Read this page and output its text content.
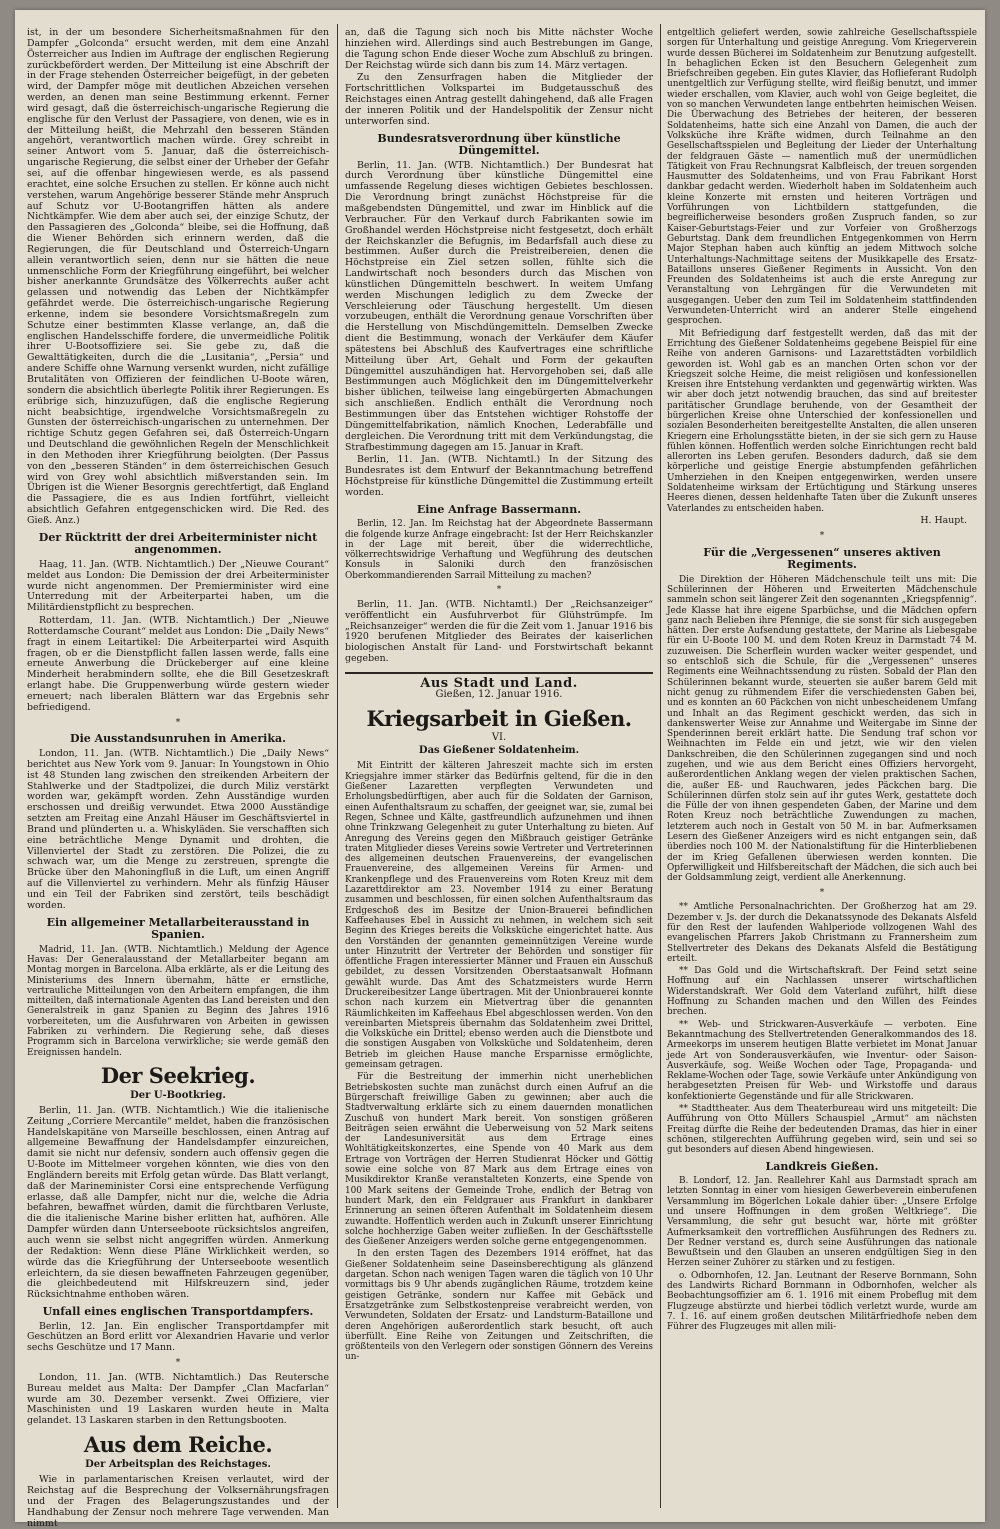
ist, in der um besondere Sicherheitsmaßnahmen für den Dampfer „Golconda“ ersucht werden, mit dem eine Anzahl Österreicher aus Indien im Auftrage der englischen Regierung zurückbefördert werden. Der Mitteilung ist eine Abschrift der in der Frage stehenden Österreicher beigefügt, in der gebeten wird, der Dampfer möge mit deutlichen Abzeichen versehen werden, an denen man seine Bestimmung erkennt. Ferner wird gesagt, daß die österreichisch-ungarische Regierung die englische für den Verlust der Passagiere, von denen, wie es in der Mitteilung heißt, die Mehrzahl den besseren Ständen angehört, verantwortlich machen würde. Grey schreibt in seiner Antwort vom 5. Januar, daß die österreichisch-ungarische Regierung, die selbst einer der Urheber der Gefahr sei, auf die offenbar hingewiesen werde, es als passend erachtet, eine solche Ersuchen zu stellen. Er könne auch nicht verstehen, warum Angehörige besserer Stände mehr Anspruch auf Schutz vor U-Bootangriffen hätten als andere Nichtkämpfer. Wie dem aber auch sei, der einzige Schutz, der den Passagieren des „Golconda“ bleibe, sei die Hoffnung, daß die Wiener Behörden sich erinnern werden, daß die Regierungen, die für Deutschland und Österreich-Ungarn allein verantwortlich seien, denn nur sie hätten die neue unmenschliche Form der Kriegführung eingeführt, bei welcher bisher anerkannte Grundsätze des Völkerrechts außer acht gelassen und notwendig das Leben der Nichtkämpfer gefährdet werde. Die österreichisch-ungarische Regierung erkenne, indem sie besondere Vorsichtsmaßregeln zum Schutze einer bestimmten Klasse verlange, an, daß die englischen Handelsschiffe fordere, die unvermeidliche Politik ihrer U-Bootsoffiziere sei. Sie gebe zu, daß die Gewalttätigkeiten, durch die die „Lusitania“, „Persia“ und andere Schiffe ohne Warnung versenkt wurden, nicht zufällige Brutalitäten von Offizieren der feindlichen U-Boote wären, sondern die absichtlich überlegte Politik ihrer Regierungen. Es erübrige sich, hinzuzufügen, daß die englische Regierung nicht beabsichtige, irgendwelche Vorsichtsmaßregeln zu Gunsten der österreichisch-ungarischen zu unternehmen. Der richtige Schutz gegen Gefahren sei, daß Österreich-Ungarn und Deutschland die gewöhnlichen Regeln der Menschlichkeit in den Methoden ihrer Kriegführung beiolgten. (Der Passus von den „besseren Ständen“ in dem österreichischen Gesuch wird von Grey wohl absichtlich mißverstanden sein. Im Übrigen ist die Wiener Besorgnis gerechtfertigt, daß England die Passagiere, die es aus Indien fortführt, vielleicht absichtlich Gefahren entgegenschicken wird. Die Red. des Gieß. Anz.)

Der Rücktritt der drei Arbeiterminister nicht angenommen.

Haag, 11. Jan. (WTB. Nichtamtlich.) Der „Nieuwe Courant“ meldet aus London: Die Demission der drei Arbeiterminister wurde nicht angenommen. Der Premierminister wird eine Unterredung mit der Arbeiterpartei haben, um die Militärdienstpflicht zu besprechen.

Rotterdam, 11. Jan. (WTB. Nichtamtlich.) Der „Nieuwe Rotterdamsche Courant“ meldet aus London: Die „Daily News“ fragt in einem Leitartikel: Die Arbeiterpartei wird Asquith fragen, ob er die Dienstpflicht fallen lassen werde, falls eine erneute Anwerbung die Drückeberger auf eine kleine Minderheit herabmindern sollte, ehe die Bill Gesetzeskraft erlangt habe. Die Gruppenwerbung würde gestern wieder erneuert; nach liberalen Blättern war das Ergebnis sehr befriedigend.

*
Die Ausstandsunruhen in Amerika.

London, 11. Jan. (WTB. Nichtamtlich.) Die „Daily News“ berichtet aus New York vom 9. Januar: In Youngstown in Ohio ist 48 Stunden lang zwischen den streikenden Arbeitern der Stahlwerke und der Stadtpolizei, die durch Miliz verstärkt worden war, gekämpft worden. Zehn Ausständige wurden erschossen und dreißig verwundet. Etwa 2000 Ausständige setzten am Freitag eine Anzahl Häuser im Geschäftsviertel in Brand und plünderten u. a. Whiskyläden. Sie verschafften sich eine beträchtliche Menge Dynamit und drohten, die Villenviertel der Stadt zu zerstören. Die Polizei, die zu schwach war, um die Menge zu zerstreuen, sprengte die Brücke über den Mahoningfluß in die Luft, um einen Angriff auf die Villenviertel zu verhindern. Mehr als fünfzig Häuser und ein Teil der Fabriken sind zerstört, teils beschädigt worden.

Ein allgemeiner Metallarbeiterausstand in Spanien.

Madrid, 11. Jan. (WTB. Nichtamtlich.) Meldung der Agence Havas: Der Generalausstand der Metallarbeiter begann am Montag morgen in Barcelona. Alba erklärte, als er die Leitung des Ministeriums des Innern übernahm, hätte er ernstliche, vertrauliche Mitteilungen von den Arbeitern empfangen, die ihm mitteilten, daß internationale Agenten das Land bereisten und den Generalstreik in ganz Spanien zu Beginn des Jahres 1916 vorbereiteten, um die Ausfuhrwaren von Arbeiten in gewissen Fabriken zu verhindern. Die Regierung sehe, daß dieses Programm sich in Barcelona verwirkliche; sie werde gemäß den Ereignissen handeln.

Der Seekrieg.
Der U-Bootkrieg.

Berlin, 11. Jan. (WTB. Nichtamtlich.) Wie die italienische Zeitung „Corriere Mercantile“ meldet, haben die französischen Handelskapitäne von Marseille beschlossen, einen Antrag auf allgemeine Bewaffnung der Handelsdampfer einzureichen, damit sie nicht nur defensiv, sondern auch offensiv gegen die U-Boote im Mittelmeer vorgehen könnten, wie dies von den Engländern bereits mit Erfolg getan würde. Das Blatt verlangt, daß der Marineminister Corsi eine entsprechende Verfügung erlasse, daß alle Dampfer, nicht nur die, welche die Adria befahren, bewaffnet würden, damit die fürchtbaren Verluste, die die italienische Marine bisher erlitten hat, aufhören. Alle Dampfer würden dann Unterseeboote rücksichtslos angreifen, auch wenn sie selbst nicht angegriffen würden. Anmerkung der Redaktion: Wenn diese Pläne Wirklichkeit werden, so würde das die Kriegführung der Unterseeboote wesentlich erleichtern, da sie diesen bewaffneten Fahrzeugen gegenüber, die gleichbedeutend mit Hilfskreuzern sind, jeder Rücksichtnahme enthoben wären.

Unfall eines englischen Transportdampfers.

Berlin, 12. Jan. Ein englischer Transportdampfer mit Geschützen an Bord erlitt vor Alexandrien Havarie und verlor sechs Geschütze und 17 Mann.

*

London, 11. Jan. (WTB. Nichtamtlich.) Das Reutersche Bureau meldet aus Malta: Der Dampfer „Clan Macfarlan“ wurde am 30. Dezember versenkt. Zwei Offiziere, vier Maschinisten und 19 Laskaren wurden heute in Malta gelandet. 13 Laskaren starben in den Rettungsbooten.

Aus dem Reiche.
Der Arbeitsplan des Reichstages.

Wie in parlamentarischen Kreisen verlautet, wird der Reichstag auf die Besprechung der Volksernährungsfragen und der Fragen des Belagerungszustandes und der Handhabung der Zensur noch mehrere Tage verwenden. Man nimmt

an, daß die Tagung sich noch bis Mitte nächster Woche hinziehen wird. Allerdings sind auch Bestrebungen im Gange, die Tagung schon Ende dieser Woche zum Abschluß zu bringen. Der Reichstag würde sich dann bis zum 14. März vertagen.

Zu den Zensurfragen haben die Mitglieder der Fortschrittlichen Volkspartei im Budgetausschuß des Reichstages einen Antrag gestellt dahingehend, daß alle Fragen der inneren Politik und der Handelspolitik der Zensur nicht unterworfen sind.

Bundesratsverordnung über künstliche Düngemittel.

Berlin, 11. Jan. (WTB. Nichtamtlich.) Der Bundesrat hat durch Verordnung über künstliche Düngemittel eine umfassende Regelung dieses wichtigen Gebietes beschlossen. Die Verordnung bringt zunächst Höchstpreise für die maßgebendsten Düngemittel, und zwar im Hinblick auf die Verbraucher. Für den Verkauf durch Fabrikanten sowie im Großhandel werden Höchstpreise nicht festgesetzt, doch erhält der Reichskanzler die Befugnis, im Bedarfsfall auch diese zu bestimmen. Außer durch die Preistreibereien, denen die Höchstpreise ein Ziel setzen sollen, fühlte sich die Landwirtschaft noch besonders durch das Mischen von künstlichen Düngemitteln beschwert. In weitem Umfang werden Mischungen lediglich zu dem Zwecke der Verschleierung oder Täuschung hergestellt. Um diesen vorzubeugen, enthält die Verordnung genaue Vorschriften über die Herstellung von Mischdüngemitteln. Demselben Zwecke dient die Bestimmung, wonach der Verkäufer dem Käufer spätestens bei Abschluß des Kaufvertrages eine schriftliche Mitteilung über Art, Gehalt und Form der gekauften Düngemittel auszuhändigen hat. Hervorgehoben sei, daß alle Bestimmungen auch Möglichkeit den im Düngemittelverkehr bisher üblichen, teilweise lang eingebürgerten Abmachungen sich anschließen. Endlich enthält die Verordnung noch Bestimmungen über das Entstehen wichtiger Rohstoffe der Düngemittelfabrikation, nämlich Knochen, Lederabfälle und dergleichen. Die Verordnung tritt mit dem Verkündungstag, die Strafbestimmung dagegen am 15. Januar in Kraft.

Berlin, 11. Jan. (WTB. Nichtamtl.) In der Sitzung des Bundesrates ist dem Entwurf der Bekanntmachung betreffend Höchstpreise für künstliche Düngemittel die Zustimmung erteilt worden.

Eine Anfrage Bassermann.

Berlin, 12. Jan. Im Reichstag hat der Abgeordnete Bassermann die folgende kurze Anfrage eingebracht: Ist der Herr Reichskanzler in der Lage mit bereit, über die widerrechtliche, völkerrechtswidrige Verhaftung und Wegführung des deutschen Konsuls in Saloniki durch den französischen Oberkommandierenden Sarrail Mitteilung zu machen?

*

Berlin, 11. Jan. (WTB. Nichtamtl.) Der „Reichsanzeiger“ veröffentlicht ein Ausfuhrverbot für Glühstrümpfe. Im „Reichsanzeiger“ werden die für die Zeit vom 1. Januar 1916 bis 1920 berufenen Mitglieder des Beirates der kaiserlichen biologischen Anstalt für Land- und Forstwirtschaft bekannt gegeben.

Aus Stadt und Land.
Gießen, 12. Januar 1916.
Kriegsarbeit in Gießen.
VI.
Das Gießener Soldatenheim.

Mit Eintritt der kälteren Jahreszeit machte sich im ersten Kriegsjahre immer stärker das Bedürfnis geltend, für die in den Gießener Lazaretten verpflegten Verwundeten und Erholungsbedürftigen, aber auch für die Soldaten der Garnison, einen Aufenthaltsraum zu schaffen, der geeignet war, sie, zumal bei Regen, Schnee und Kälte, gastfreundlich aufzunehmen und ihnen ohne Trinkzwang Gelegenheit zu guter Unterhaltung zu bieten. Auf Anregung des Vereins gegen den Mißbrauch geistiger Getränke traten Mitglieder dieses Vereins sowie Vertreter und Vertreterinnen des allgemeinen deutschen Frauenvereins, der evangelischen Frauenvereine, des allgemeinen Vereins für Armen- und Krankenpflege und des Frauenvereins vom Roten Kreuz mit dem Lazarettdirektor am 23. November 1914 zu einer Beratung zusammen und beschlossen, für einen solchen Aufenthaltsraum das Erdgeschoß des im Besitze der Union-Brauerei befindlichen Kaffeehauses Ebel in Aussicht zu nehmen, in welchem sich seit Beginn des Krieges bereits die Volksküche eingerichtet hatte. Aus den Vorständen der genannten gemeinnützigen Vereine wurde unter Hinzutritt der Vertreter der Behörden und sonstiger für öffentliche Fragen interessierter Männer und Frauen ein Ausschuß gebildet, zu dessen Vorsitzenden Oberstaatsanwalt Hofmann gewählt wurde. Das Amt des Schatzmeisters wurde Herrn Druckereibesitzer Lange übertragen. Mit der Unionbrauerei konnte schon nach kurzem ein Mietvertrag über die genannten Räumlichkeiten im Kaffeehaus Ebel abgeschlossen werden. Von den vereinbarten Mietspreis übernahm das Soldatenheim zwei Drittel, die Volksküche ein Drittel; ebenso werden auch die Dienstbote und die sonstigen Ausgaben von Volksküche und Soldatenheim, deren Betrieb im gleichen Hause manche Ersparnisse ermöglichte, gemeinsam getragen.

Für die Bestreitung der immerhin nicht unerheblichen Betriebskosten suchte man zunächst durch einen Aufruf an die Bürgerschaft freiwillige Gaben zu gewinnen; aber auch die Stadtverwaltung erklärte sich zu einem dauernden monatlichen Zuschuß von hundert Mark bereit. Von sonstigen größeren Beiträgen seien erwähnt die Ueberweisung von 52 Mark seitens der Landesuniversität aus dem Ertrage eines Wohltätigkeitskonzertes, eine Spende von 40 Mark aus dem Ertrage von Vorträgen der Herren Studienrat Höcker und Göttig sowie eine solche von 87 Mark aus dem Ertrage eines von Musikdirektor Kranße veranstalteten Konzerts, eine Spende von 100 Mark seitens der Gemeinde Trohe, endlich der Betrag von hundert Mark, den ein Feldgrauer aus Frankfurt in dankbarer Erinnerung an seinen öfteren Aufenthalt im Soldatenheim diesem zuwandte. Hoffentlich werden auch in Zukunft unserer Einrichtung solche hochherzige Gaben weiter zufließen. In der Geschäftsstelle des Gießener Anzeigers werden solche gerne entgegengenommen.

In den ersten Tagen des Dezembers 1914 eröffnet, hat das Gießener Soldatenheim seine Daseinsberechtigung als glänzend dargetan. Schon nach wenigen Tagen waren die täglich von 10 Uhr vormittags bis 9 Uhr abends zugänglichen Räume, trotzdem keine geistigen Getränke, sondern nur Kaffee mit Gebäck und Ersatzgetränke zum Selbstkostenpreise verabreicht werden, von Verwundeten, Soldaten der Ersatz- und Landsturm-Bataillone und deren Angehörigen außerordentlich stark besucht, oft auch überfüllt. Eine Reihe von Zeitungen und Zeitschriften, die größtenteils von den Verlegern oder sonstigen Gönnern des Vereins un-

entgeltlich geliefert werden, sowie zahlreiche Gesellschaftsspiele sorgen für Unterhaltung und geistige Anregung. Vom Kriegerverein wurde dessen Bücherei im Soldatenheim zur Benutzung aufgestellt. In behaglichen Ecken ist den Besuchern Gelegenheit zum Briefschreiben gegeben. Ein gutes Klavier, das Hoflieferant Rudolph unentgeltlich zur Verfügung stellte, wird fleißig benutzt, und immer wieder erschallen, vom Klavier, auch wohl von Geige begleitet, die von so manchen Verwundeten lange entbehrten heimischen Weisen. Die Überwachung des Betriebes der heiteren, der besseren Soldatenheims, hatte sich eine Anzahl von Damen, die auch der Volksküche ihre Kräfte widmen, durch Teilnahme an den Gesellschaftsspielen und Begleitung der Lieder der Unterhaltung der feldgrauen Gäste — namentlich muß der unermüdlichen Tätigkeit von Frau Rechnungsrat Kalbfleisch, der treuen sorgenden Hausmutter des Soldatenheims, und von Frau Fabrikant Horst dankbar gedacht werden. Wiederholt haben im Soldatenheim auch kleine Konzerte mit ernsten und heiteren Vorträgen und Vorführungen von Lichtbildern stattgefunden, die begreiflicherweise besonders großen Zuspruch fanden, so zur Kaiser-Geburtstags-Feier und zur Vorfeier von Großherzogs Geburtstag. Dank dem freundlichen Entgegenkommen von Herrn Major Stephan haben auch künftig an jedem Mittwoch solche Unterhaltungs-Nachmittage seitens der Musikkapelle des Ersatz-Bataillons unseres Gießener Regiments in Aussicht. Von den Freunden des Soldatenheims ist auch die erste Anregung zur Veranstaltung von Lehrgängen für die Verwundeten mit ausgegangen. Ueber den zum Teil im Soldatenheim stattfindenden Verwundeten-Unterricht wird an anderer Stelle eingehend gesprochen.

Mit Befriedigung darf festgestellt werden, daß das mit der Errichtung des Gießener Soldatenheims gegebene Beispiel für eine Reihe von anderen Garnisons- und Lazarettstädten vorbildlich geworden ist. Wohl gab es an manchen Orten schon vor der Kriegszeit solche Heime, die meist religiösen und konfessionellen Kreisen ihre Entstehung verdankten und gegenwärtig wirkten. Was wir aber doch jetzt notwendig brauchen, das sind auf breitester paritätischer Grundlage beruhende, von der Gesamtheit der bürgerlichen Kreise ohne Unterschied der konfessionellen und sozialen Besonderheiten bereitgestellte Anstalten, die allen unseren Kriegern eine Erholungsstätte bieten, in der sie sich gern zu Hause fühlen können. Hoffentlich werden solche Einrichtungen recht bald allerorten ins Leben gerufen. Besonders dadurch, daß sie dem körperliche und geistige Energie abstumpfenden gefährlichen Umherziehen in den Kneipen entgegenwirken, werden unsere Soldatenheime wirksam der Ertüchtigung und Stärkung unseres Heeres dienen, dessen heldenhafte Taten über die Zukunft unseres Vaterlandes zu entscheiden haben.

H. Haupt.
*
Für die „Vergessenen“ unseres aktiven Regiments.

Die Direktion der Höheren Mädchenschule teilt uns mit: Die Schülerinnen der Höheren und Erweiterten Mädchenschule sammeln schon seit längerer Zeit den sogenannten „Kriegspfennig“. Jede Klasse hat ihre eigene Sparbüchse, und die Mädchen opfern ganz nach Belieben ihre Pfennige, die sie sonst für sich ausgegeben hätten. Der erste Aufsendung gestattete, der Marine als Liebesgabe für ein U-Boote 100 M. und dem Roten Kreuz in Darmstadt 74 M. zuzuweisen. Die Scherflein wurden wacker weiter gespendet, und so entschloß sich die Schule, für die „Vergessenen“ unseres Regiments eine Weihnachtssendung zu rüsten. Sobald der Plan den Schülerinnen bekannt wurde, steuerten sie außer barem Geld mit nicht genug zu rühmendem Eifer die verschiedensten Gaben bei, und es konnten an 60 Päckchen von nicht unbescheidenem Umfang und Inhalt an das Regiment geschickt werden, das sich in dankenswerter Weise zur Annahme und Weitergabe im Sinne der Spenderinnen bereit erklärt hatte. Die Sendung traf schon vor Weihnachten im Felde ein und jetzt, wie wir den vielen Dankschreiben, die den Schülerinnen zugegangen sind und noch zugehen, und wie aus dem Bericht eines Offiziers hervorgeht, außerordentlichen Anklang wegen der vielen praktischen Sachen, die, außer Eß- und Rauchwaren, jedes Päckchen barg. Die Schülerinnen dürfen stolz sein auf ihr gutes Werk, gestattete doch die Fülle der von ihnen gespendeten Gaben, der Marine und dem Roten Kreuz noch beträchtliche Zuwendungen zu machen, letzterem auch noch in Gestalt von 50 M. in bar. Aufmerksamen Lesern des Gießener Anzeigers wird es nicht entgangen sein, daß überdies noch 100 M. der Nationalstiftung für die Hinterbliebenen der im Krieg Gefallenen überwiesen werden konnten. Die Opferwilligkeit und Hilfsbereitschaft der Mädchen, die sich auch bei der Goldsammlung zeigt, verdient alle Anerkennung.

*

** Amtliche Personalnachrichten. Der Großherzog hat am 29. Dezember v. Js. der durch die Dekanatssynode des Dekanats Alsfeld für den Rest der laufenden Wahlperiode vollzogenen Wahl des evangelischen Pfarrers Jakob Christmann zu Frannersheim zum Stellvertreter des Dekans des Dekanats Alsfeld die Bestätigung erteilt.

** Das Gold und die Wirtschaftskraft. Der Feind setzt seine Hoffnung auf ein Nachlassen unserer wirtschaftlichen Widerstandskraft. Wer Gold dem Vaterland zuführt, hilft diese Hoffnung zu Schanden machen und den Willen des Feindes brechen.

** Web- und Strickwaren-Ausverkäufe — verboten. Eine Bekanntmachung des Stellvertretenden Generalkommandos des 18. Armeekorps im unserem heutigen Blatte verbietet im Monat Januar jede Art von Sonderausverkäufen, wie Inventur- oder Saison-Ausverkäufe, sog. Weiße Wochen oder Tage, Propaganda- und Reklame-Wochen oder Tage, sowie Verkäufe unter Ankündigung von herabgesetzten Preisen für Web- und Wirkstoffe und daraus konfektionierte Gegenstände und für alle Strickwaren.

** Stadttheater. Aus dem Theaterbureau wird uns mitgeteilt: Die Aufführung von Otto Müllers Schauspiel „Armut“ am nächsten Freitag dürfte die Reihe der bedeutenden Dramas, das hier in einer schönen, stilgerechten Aufführung gegeben wird, sein und sei so gut besonders auf diesen Abend hingewiesen.

Landkreis Gießen.

B. Londorf, 12. Jan. Reallehrer Kahl aus Darmstadt sprach am letzten Sonntag in einer vom hiesigen Gewerbeverein einberufenen Versammlung im Bögerlchen Lokale dahier über: „Unsere Erfolge und unsere Hoffnungen in dem großen Weltkriege“. Die Versammlung, die sehr gut besucht war, hörte mit größter Aufmerksamkeit den vortrefflichen Ausführungen des Redners zu. Der Redner verstand es, durch seine Ausführungen das nationale Bewußtsein und den Glauben an unseren endgültigen Sieg in den Herzen seiner Zuhörer zu stärken und zu festigen.

o. Odbornhofen, 12. Jan. Leutnant der Reserve Bornmann, Sohn des Landwirts Richard Bornmann in Odbornhofen, welcher als Beobachtungsoffizier am 6. 1. 1916 mit einem Probeflug mit dem Flugzeuge abstürzte und hierbei tödlich verletzt wurde, wurde am 7. 1. 16. auf einem großen deutschen Militärfriedhofe neben dem Führer des Flugzeuges mit allen mili-
